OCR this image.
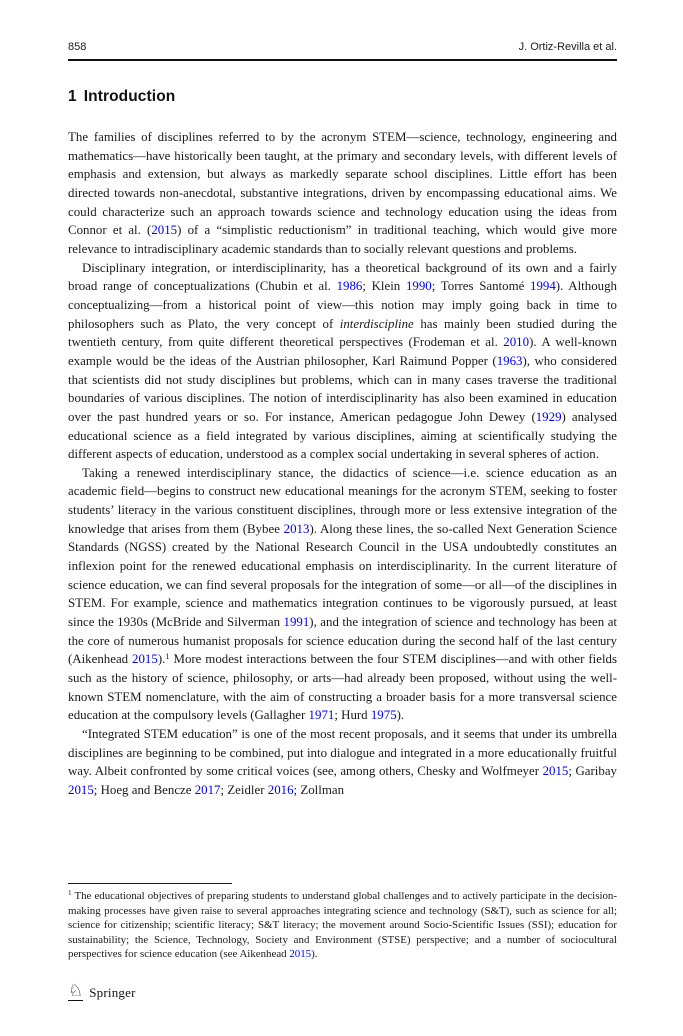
858	J. Ortiz-Revilla et al.
1 Introduction

The families of disciplines referred to by the acronym STEM—science, technology, engineering and mathematics—have historically been taught, at the primary and secondary levels, with different levels of emphasis and extension, but always as markedly separate school disciplines. Little effort has been directed towards non-anecdotal, substantive integrations, driven by encompassing educational aims. We could characterize such an approach towards science and technology education using the ideas from Connor et al. (2015) of a “simplistic reductionism” in traditional teaching, which would give more relevance to intradisciplinary academic standards than to socially relevant questions and problems.

Disciplinary integration, or interdisciplinarity, has a theoretical background of its own and a fairly broad range of conceptualizations (Chubin et al. 1986; Klein 1990; Torres Santomé 1994). Although conceptualizing—from a historical point of view—this notion may imply going back in time to philosophers such as Plato, the very concept of interdiscipline has mainly been studied during the twentieth century, from quite different theoretical perspectives (Frodeman et al. 2010). A well-known example would be the ideas of the Austrian philosopher, Karl Raimund Popper (1963), who considered that scientists did not study disciplines but problems, which can in many cases traverse the traditional boundaries of various disciplines. The notion of interdisciplinarity has also been examined in education over the past hundred years or so. For instance, American pedagogue John Dewey (1929) analysed educational science as a field integrated by various disciplines, aiming at scientifically studying the different aspects of education, understood as a complex social undertaking in several spheres of action.

Taking a renewed interdisciplinary stance, the didactics of science—i.e. science education as an academic field—begins to construct new educational meanings for the acronym STEM, seeking to foster students’ literacy in the various constituent disciplines, through more or less extensive integration of the knowledge that arises from them (Bybee 2013). Along these lines, the so-called Next Generation Science Standards (NGSS) created by the National Research Council in the USA undoubtedly constitutes an inflexion point for the renewed educational emphasis on interdisciplinarity. In the current literature of science education, we can find several proposals for the integration of some—or all—of the disciplines in STEM. For example, science and mathematics integration continues to be vigorously pursued, at least since the 1930s (McBride and Silverman 1991), and the integration of science and technology has been at the core of numerous humanist proposals for science education during the second half of the last century (Aikenhead 2015).$^1$ More modest interactions between the four STEM disciplines—and with other fields such as the history of science, philosophy, or arts—had already been proposed, without using the well-known STEM nomenclature, with the aim of constructing a broader basis for a more transversal science education at the compulsory levels (Gallagher 1971; Hurd 1975).

“Integrated STEM education” is one of the most recent proposals, and it seems that under its umbrella disciplines are beginning to be combined, put into dialogue and integrated in a more educationally fruitful way. Albeit confronted by some critical voices (see, among others, Chesky and Wolfmeyer 2015; Garibay 2015; Hoeg and Bencze 2017; Zeidler 2016; Zollman

$^1$ The educational objectives of preparing students to understand global challenges and to actively participate in the decision-making processes have given raise to several approaches integrating science and technology (S&T), such as science for all; science for citizenship; scientific literacy; S&T literacy; the movement around Socio-Scientific Issues (SSI); education for sustainability; the Science, Technology, Society and Environment (STSE) perspective; and a number of sociocultural perspectives for science education (see Aikenhead 2015).

♘ Springer
